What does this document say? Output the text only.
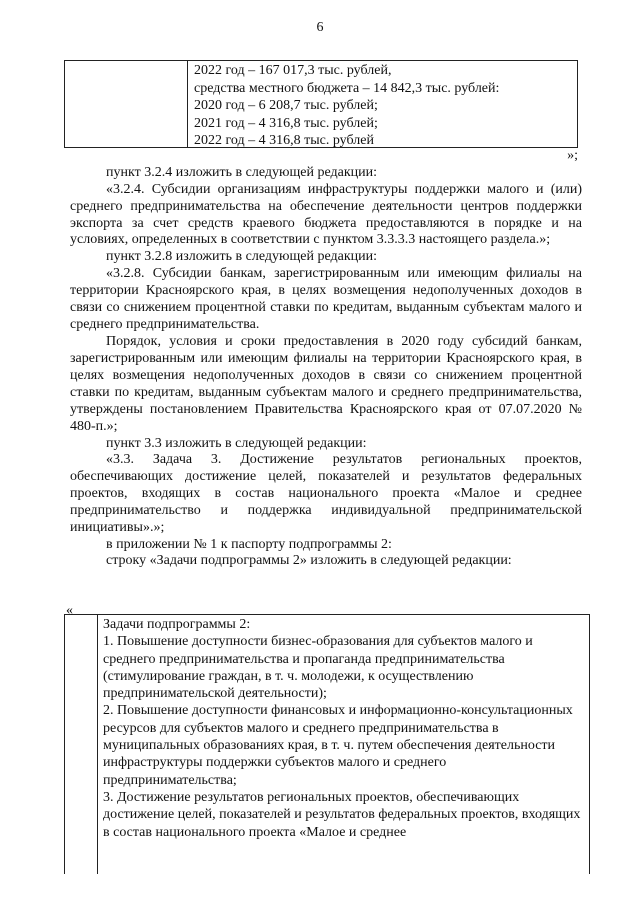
6
2022 год – 167 017,3 тыс. рублей,
средства местного бюджета – 14 842,3 тыс. рублей:
2020 год – 6 208,7 тыс. рублей;
2021 год – 4 316,8 тыс. рублей;
2022 год – 4 316,8 тыс. рублей
»;

пункт 3.2.4 изложить в следующей редакции:

«3.2.4. Субсидии организациям инфраструктуры поддержки малого и (или) среднего предпринимательства на обеспечение деятельности центров поддержки экспорта за счет средств краевого бюджета предоставляются в порядке и на условиях, определенных в соответствии с пунктом 3.3.3.3 настоящего раздела.»;

пункт 3.2.8 изложить в следующей редакции:

«3.2.8. Субсидии банкам, зарегистрированным или имеющим филиалы на территории Красноярского края, в целях возмещения недополученных доходов в связи со снижением процентной ставки по кредитам, выданным субъектам малого и среднего предпринимательства.

Порядок, условия и сроки предоставления в 2020 году субсидий банкам, зарегистрированным или имеющим филиалы на территории Красноярского края, в целях возмещения недополученных доходов в связи со снижением процентной ставки по кредитам, выданным субъектам малого и среднего предпринимательства, утверждены постановлением Правительства Красноярского края от 07.07.2020 № 480-п.»;

пункт 3.3 изложить в следующей редакции:

«3.3. Задача 3. Достижение результатов региональных проектов, обеспечивающих достижение целей, показателей и результатов федеральных проектов, входящих в состав национального проекта «Малое и среднее предпринимательство и поддержка индивидуальной предпринимательской инициативы».»;

в приложении № 1 к паспорту подпрограммы 2:

строку «Задачи подпрограммы 2» изложить в следующей редакции:

«

Задачи подпрограммы 2:

1. Повышение доступности бизнес-образования для субъектов малого и среднего предпринимательства и пропаганда предпринимательства (стимулирование граждан, в т. ч. молодежи, к осуществлению предпринимательской деятельности);

2. Повышение доступности финансовых и информационно-консультационных ресурсов для субъектов малого и среднего предпринимательства в муниципальных образованиях края, в т. ч. путем обеспечения деятельности инфраструктуры поддержки субъектов малого и среднего предпринимательства;

3. Достижение результатов региональных проектов, обеспечивающих достижение целей, показателей и результатов федеральных проектов, входящих в состав национального проекта «Малое и среднее
